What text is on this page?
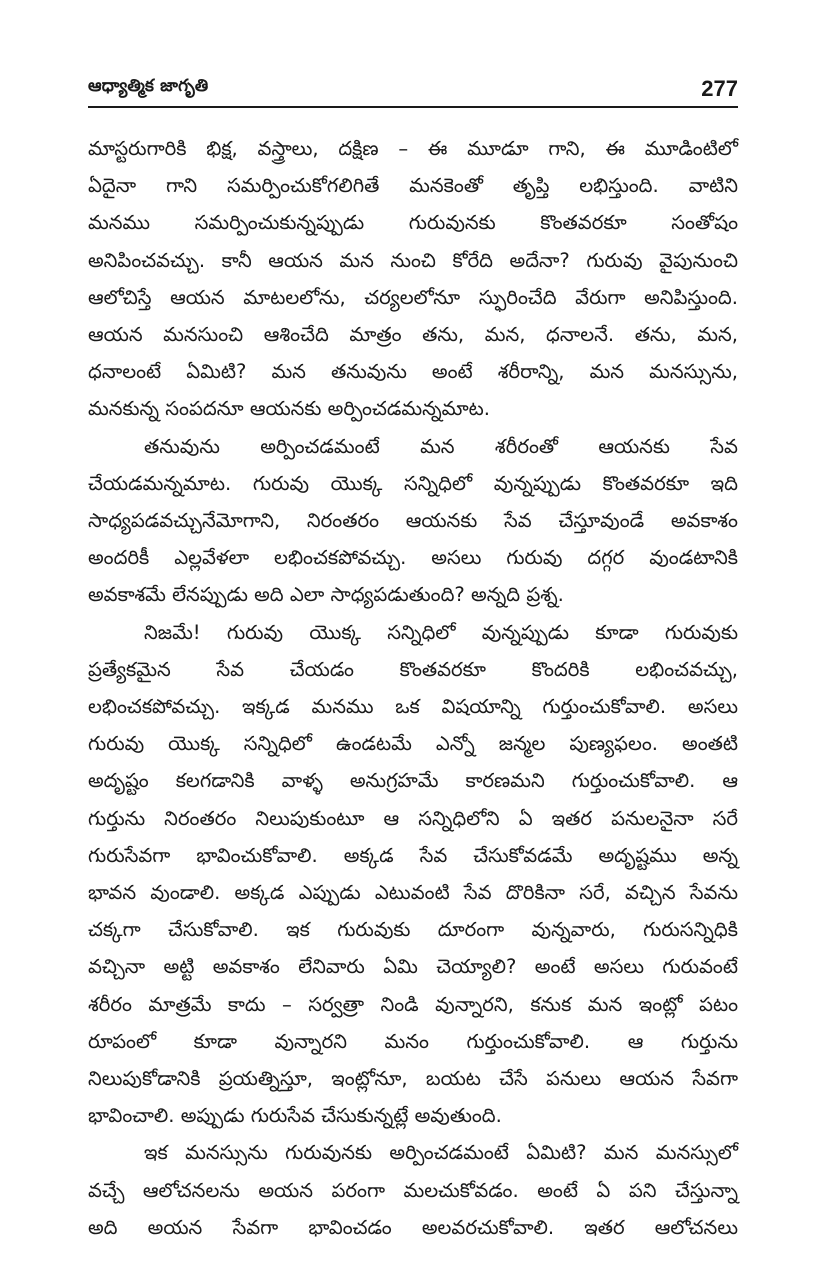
ఆధ్యాత్మిక జాగృతి	277

మాస్టరుగారికి భిక్ష, వస్త్రాలు, దక్షిణ – ఈ మూడూ గాని, ఈ మూడింటిలో
ఏదైనా గాని సమర్పించుకోగలిగితే మనకెంతో తృప్తి లభిస్తుంది. వాటిని
మనము సమర్పించుకున్నప్పుడు గురువునకు కొంతవరకూ సంతోషం
అనిపించవచ్చు. కానీ ఆయన మన నుంచి కోరేది అదేనా? గురువు వైపునుంచి
ఆలోచిస్తే ఆయన మాటలలోను, చర్యలలోనూ స్ఫురించేది వేరుగా అనిపిస్తుంది.
ఆయన మనసుంచి ఆశించేది మాత్రం తను, మన, ధనాలనే. తను, మన,
ధనాలంటే ఏమిటి? మన తనువును అంటే శరీరాన్ని, మన మనస్సును,
మనకున్న సంపదనూ ఆయనకు అర్పించడమన్నమాట.

తనువును అర్పించడమంటే మన శరీరంతో ఆయనకు సేవ
చేయడమన్నమాట. గురువు యొక్క సన్నిధిలో వున్నప్పుడు కొంతవరకూ ఇది
సాధ్యపడవచ్చునేమోగాని, నిరంతరం ఆయనకు సేవ చేస్తూవుండే అవకాశం
అందరికీ ఎల్లవేళలా లభించకపోవచ్చు. అసలు గురువు దగ్గర వుండటానికి
అవకాశమే లేనప్పుడు అది ఎలా సాధ్యపడుతుంది? అన్నది ప్రశ్న.

నిజమే! గురువు యొక్క సన్నిధిలో వున్నప్పుడు కూడా గురువుకు
ప్రత్యేకమైన సేవ చేయడం కొంతవరకూ కొందరికి లభించవచ్చు,
లభించకపోవచ్చు. ఇక్కడ మనము ఒక విషయాన్ని గుర్తుంచుకోవాలి. అసలు
గురువు యొక్క సన్నిధిలో ఉండటమే ఎన్నో జన్మల పుణ్యఫలం. అంతటి
అదృష్టం కలగడానికి వాళ్ళ అనుగ్రహమే కారణమని గుర్తుంచుకోవాలి. ఆ
గుర్తును నిరంతరం నిలుపుకుంటూ ఆ సన్నిధిలోని ఏ ఇతర పనులనైనా సరే
గురుసేవగా భావించుకోవాలి. అక్కడ సేవ చేసుకోవడమే అదృష్టము అన్న
భావన వుండాలి. అక్కడ ఎప్పుడు ఎటువంటి సేవ దొరికినా సరే, వచ్చిన సేవను
చక్కగా చేసుకోవాలి. ఇక గురువుకు దూరంగా వున్నవారు, గురుసన్నిధికి
వచ్చినా అట్టి అవకాశం లేనివారు ఏమి చెయ్యాలి? అంటే అసలు గురువంటే
శరీరం మాత్రమే కాదు – సర్వత్రా నిండి వున్నారని, కనుక మన ఇంట్లో పటం
రూపంలో కూడా వున్నారని మనం గుర్తుంచుకోవాలి. ఆ గుర్తును
నిలుపుకోడానికి ప్రయత్నిస్తూ, ఇంట్లోనూ, బయట చేసే పనులు ఆయన సేవగా
భావించాలి. అప్పుడు గురుసేవ చేసుకున్నట్లే అవుతుంది.

ఇక మనస్సును గురువునకు అర్పించడమంటే ఏమిటి? మన మనస్సులో
వచ్చే ఆలోచనలను అయన పరంగా మలచుకోవడం. అంటే ఏ పని చేస్తున్నా
అది అయన సేవగా భావించడం అలవరచుకోవాలి. ఇతర ఆలోచనలు
